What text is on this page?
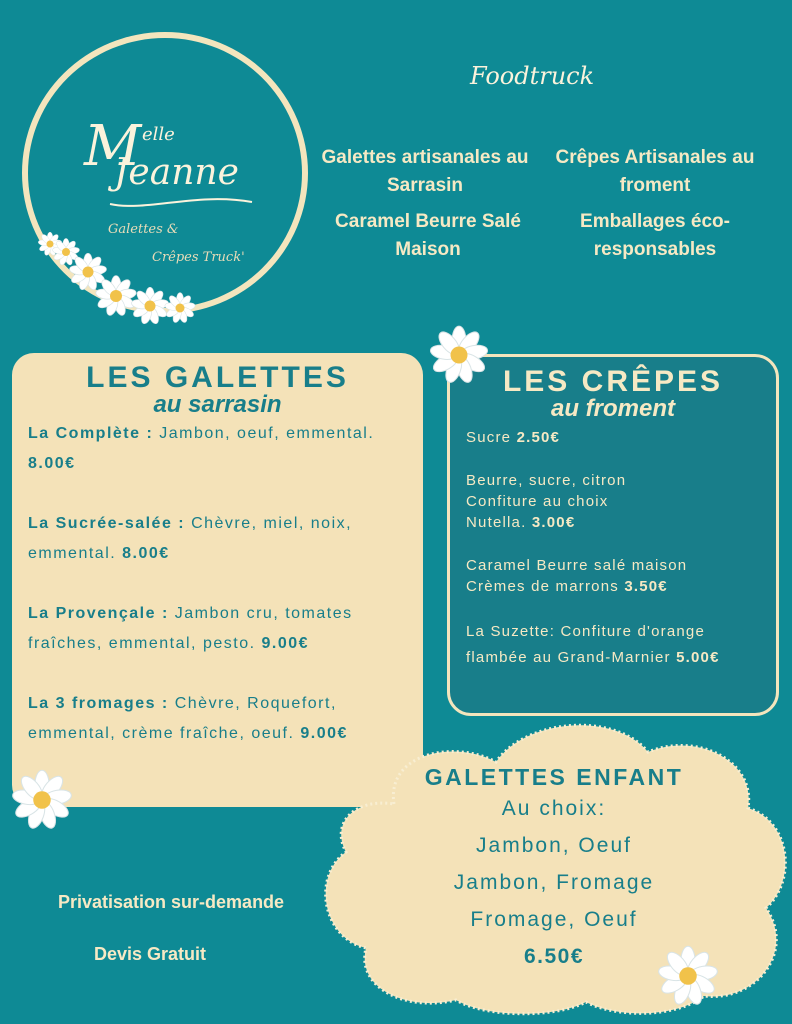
M elle
Jeanne
Galettes &
Crêpes Truck'
Foodtruck
Galettes artisanales au Sarrasin
Crêpes Artisanales au froment
Caramel Beurre Salé Maison
Emballages éco-responsables
LES GALETTES
au sarrasin

La Complète : Jambon, oeuf, emmental. 8.00€

La Sucrée-salée : Chèvre, miel, noix, emmental. 8.00€

La Provençale : Jambon cru, tomates fraîches, emmental, pesto. 9.00€

La 3 fromages : Chèvre, Roquefort, emmental, crème fraîche, oeuf. 9.00€

LES CRÊPES
au froment
Sucre 2.50€
Beurre, sucre, citron
Confiture au choix
Nutella. 3.00€
Caramel Beurre salé maison
Crèmes de marrons 3.50€
La Suzette: Confiture d'orange
flambée au Grand-Marnier 5.00€
GALETTES ENFANT
Au choix:
Jambon, Oeuf
Jambon, Fromage
Fromage, Oeuf
6.50€
Privatisation sur-demande
Devis Gratuit
